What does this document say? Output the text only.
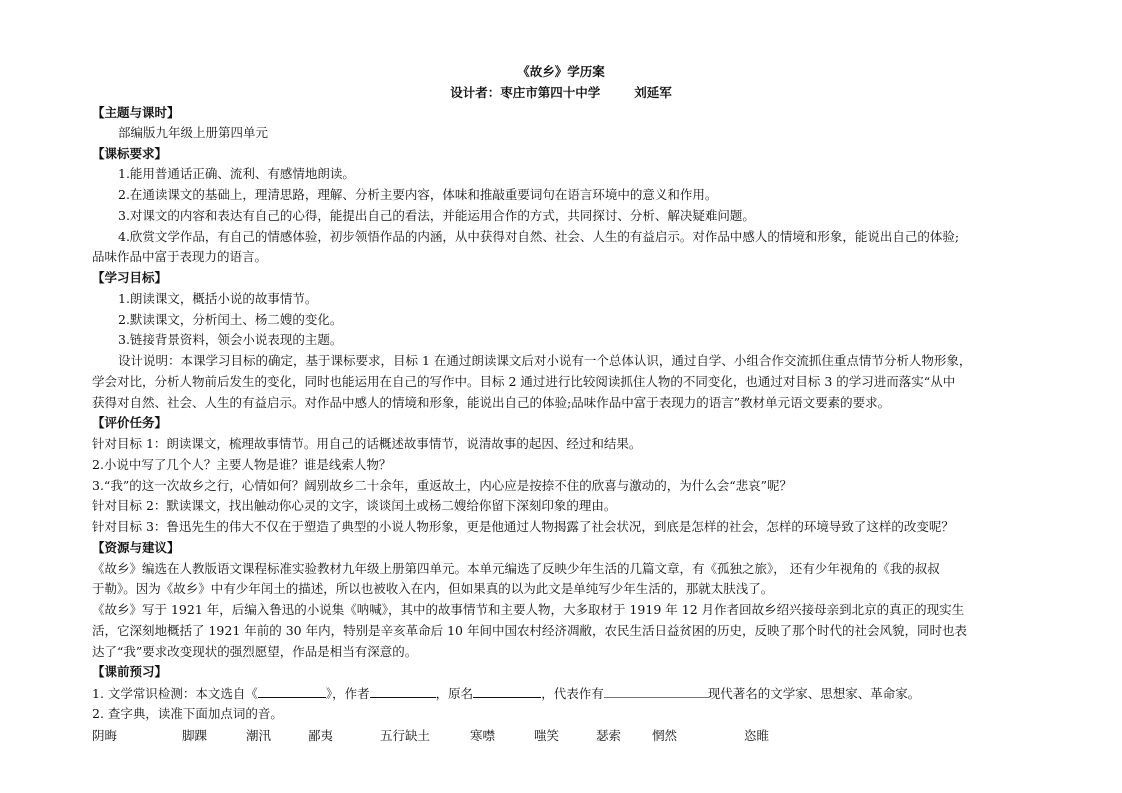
《故乡》学历案
设计者：枣庄市第四十中学	刘延军
【主题与课时】
部编版九年级上册第四单元
【课标要求】
1.能用普通话正确、流利、有感情地朗读。
2.在通读课文的基础上，理清思路，理解、分析主要内容，体味和推敲重要词句在语言环境中的意义和作用。
3.对课文的内容和表达有自己的心得，能提出自己的看法，并能运用合作的方式，共同探讨、分析、解决疑难问题。
4.欣赏文学作品，有自己的情感体验，初步领悟作品的内涵，从中获得对自然、社会、人生的有益启示。对作品中感人的情境和形象，能说出自己的体验;
品味作品中富于表现力的语言。
【学习目标】
1.朗读课文，概括小说的故事情节。
2.默读课文，分析闰土、杨二嫂的变化。
3.链接背景资料，领会小说表现的主题。
设计说明：本课学习目标的确定，基于课标要求，目标 1 在通过朗读课文后对小说有一个总体认识，通过自学、小组合作交流抓住重点情节分析人物形象，
学会对比，分析人物前后发生的变化，同时也能运用在自己的写作中。目标 2 通过进行比较阅读抓住人物的不同变化，也通过对目标 3 的学习进而落实“从中
获得对自然、社会、人生的有益启示。对作品中感人的情境和形象，能说出自己的体验;品味作品中富于表现力的语言”教材单元语文要素的要求。
【评价任务】
针对目标 1：朗读课文，梳理故事情节。用自己的话概述故事情节，说清故事的起因、经过和结果。
2.小说中写了几个人？主要人物是谁？谁是线索人物？
3.“我”的这一次故乡之行，心情如何？阔别故乡二十余年，重返故土，内心应是按捺不住的欣喜与激动的，为什么会“悲哀”呢？
针对目标 2：默读课文，找出触动你心灵的文字，谈谈闰土或杨二嫂给你留下深刻印象的理由。
针对目标 3：鲁迅先生的伟大不仅在于塑造了典型的小说人物形象，更是他通过人物揭露了社会状况，到底是怎样的社会，怎样的环境导致了这样的改变呢？
【资源与建议】
《故乡》编选在人教版语文课程标准实验教材九年级上册第四单元。本单元编选了反映少年生活的几篇文章，有《孤独之旅》， 还有少年视角的《我的叔叔
于勒》。因为《故乡》中有少年闰土的描述，所以也被收入在内，但如果真的以为此文是单纯写少年生活的，那就太肤浅了。
《故乡》写于 1921 年，后编入鲁迅的小说集《呐喊》，其中的故事情节和主要人物，大多取材于 1919 年 12 月作者回故乡绍兴接母亲到北京的真正的现实生
活，它深刻地概括了 1921 年前的 30 年内，特别是辛亥革命后 10 年间中国农村经济凋敝，农民生活日益贫困的历史，反映了那个时代的社会风貌，同时也表
达了“我”要求改变现状的强烈愿望，作品是相当有深意的。
【课前预习】
1. 文学常识检测：本文选自《	》，作者	，原名	，代表作有	现代著名的文学家、思想家、革命家。
2. 查字典，读准下面加点词的音。
阴晦	脚踝	潮汛	鄙夷	五行缺土	寒噤	嗤笑	瑟索 惘然	恣睢
